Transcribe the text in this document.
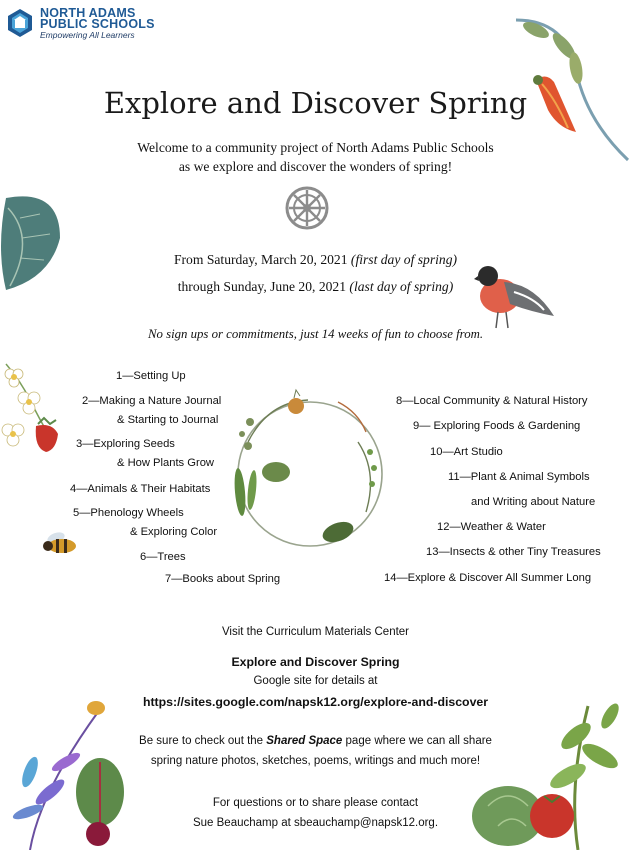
NORTH ADAMS
PUBLIC SCHOOLS
Empowering All Learners
Explore and Discover Spring
Welcome to a community project of North Adams Public Schools
as we explore and discover the wonders of spring!
From Saturday, March 20, 2021 (first day of spring)
through Sunday, June 20, 2021 (last day of spring)
No sign ups or commitments, just 14 weeks of fun to choose from.
1—Setting Up
2—Making a Nature Journal
& Starting to Journal
3—Exploring Seeds
& How Plants Grow
4—Animals & Their Habitats
5—Phenology Wheels
& Exploring Color
6—Trees
7—Books about Spring
8—Local Community & Natural History
9— Exploring Foods & Gardening
10—Art Studio
11—Plant & Animal Symbols
and Writing about Nature
12—Weather & Water
13—Insects & other Tiny Treasures
14—Explore & Discover All Summer Long
Visit the Curriculum Materials Center
Explore and Discover Spring
Google site for details at
https://sites.google.com/napsk12.org/explore-and-discover
Be sure to check out the Shared Space page where we can all share
spring nature photos, sketches, poems, writings and much more!
For questions or to share please contact
Sue Beauchamp at sbeauchamp@napsk12.org.
